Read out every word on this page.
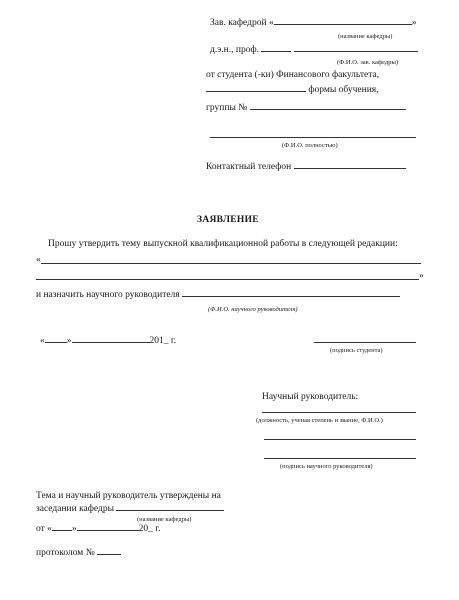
Зав. кафедрой «	»
(название кафедры)
д.э.н., проф.
(Ф.И.О. зав. кафедры)
от студента (-ки) Финансового факультета,
формы обучения,
группы №
(Ф.И.О. полностью)
Контактный телефон
ЗАЯВЛЕНИЕ
Прошу утвердить тему выпускной квалификационной работы в следующей редакции:
«
»
и назначить научного руководителя
(Ф.И.О. научного руководителя)
« »	201_ г.
(подпись студента)
Научный руководитель:
(должность, ученая степень и звание, Ф.И.О.)
(подпись научного руководителя)
Тема и научный руководитель утверждены на
заседании кафедры
(название кафедры)
от « »	20_ г.
протоколом №
